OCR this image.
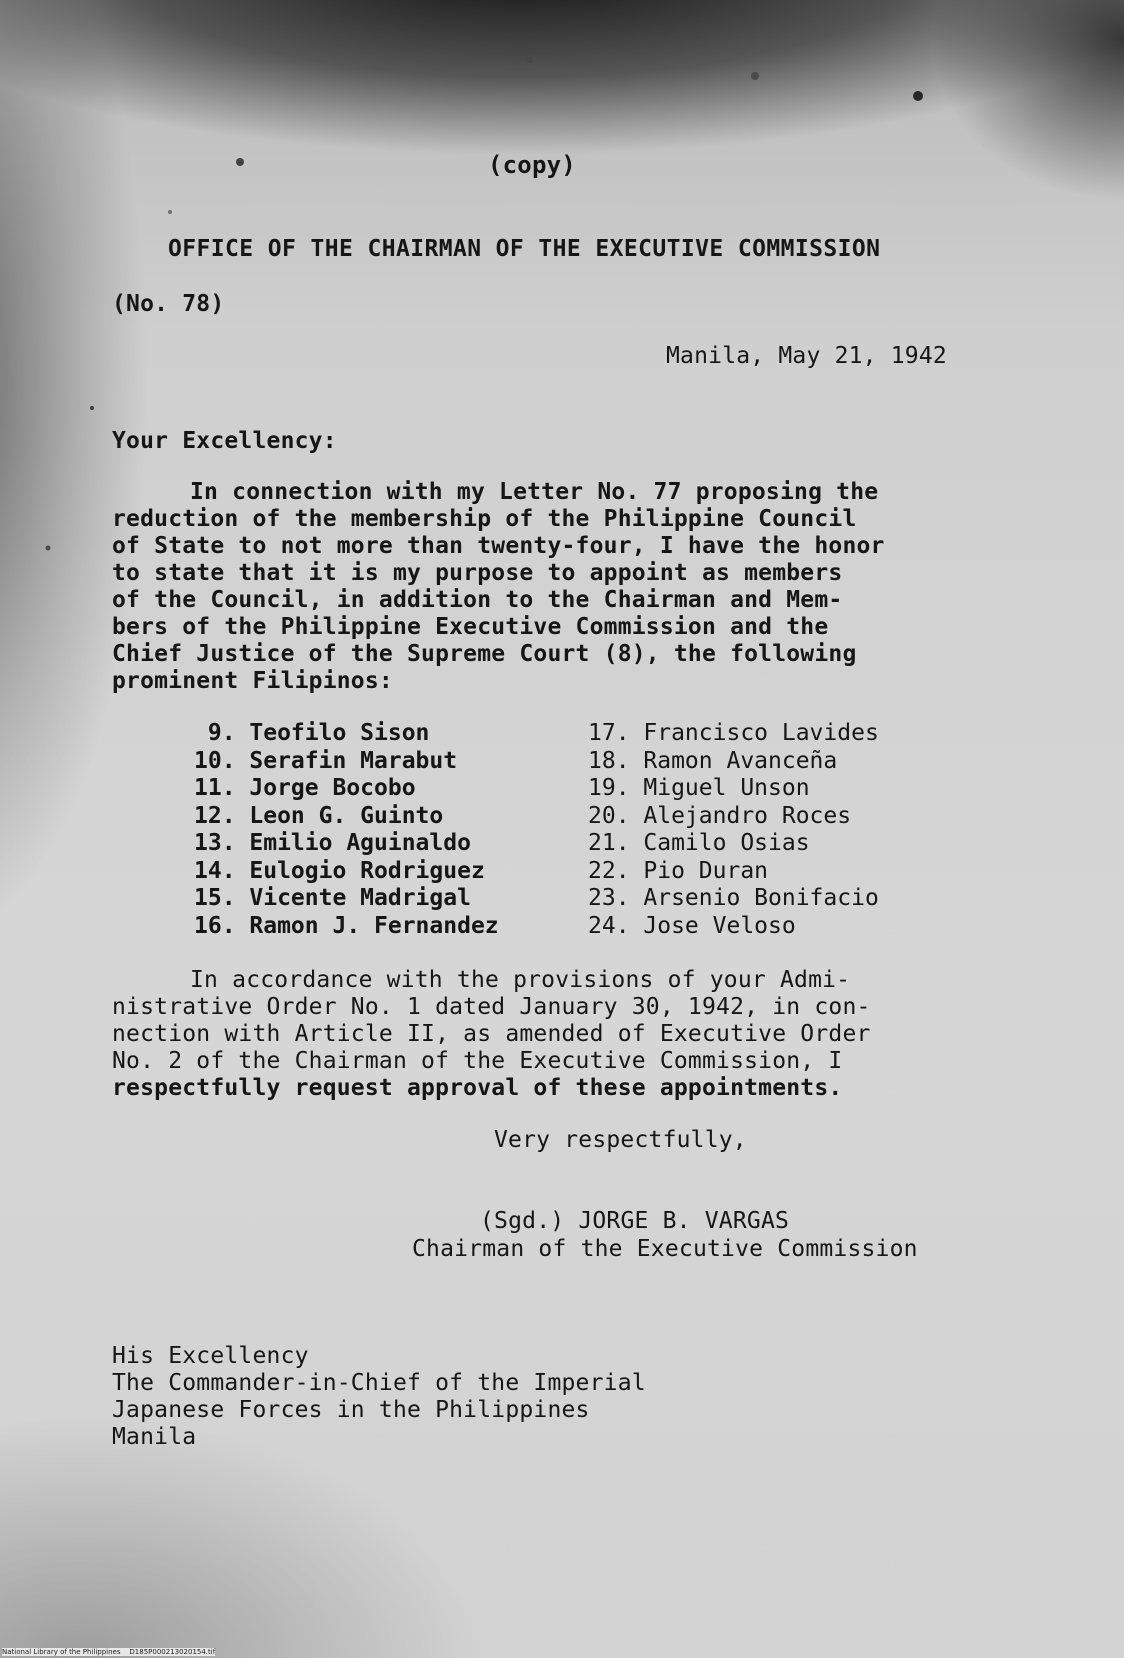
(copy)
OFFICE OF THE CHAIRMAN OF THE EXECUTIVE COMMISSION
(No. 78)
Manila, May 21, 1942
Your Excellency:
In connection with my Letter No. 77 proposing the
reduction of the membership of the Philippine Council
of State to not more than twenty-four, I have the honor
to state that it is my purpose to appoint as members
of the Council, in addition to the Chairman and Mem-
bers of the Philippine Executive Commission and the
Chief Justice of the Supreme Court (8), the following
prominent Filipinos:
9. Teofilo Sison
10. Serafin Marabut
11. Jorge Bocobo
12. Leon G. Guinto
13. Emilio Aguinaldo
14. Eulogio Rodriguez
15. Vicente Madrigal
16. Ramon J. Fernandez
17. Francisco Lavides
18. Ramon Avanceña
19. Miguel Unson
20. Alejandro Roces
21. Camilo Osias
22. Pio Duran
23. Arsenio Bonifacio
24. Jose Veloso
In accordance with the provisions of your Admi-
nistrative Order No. 1 dated January 30, 1942, in con-
nection with Article II, as amended of Executive Order
No. 2 of the Chairman of the Executive Commission, I
respectfully request approval of these appointments.
Very respectfully,
(Sgd.) JORGE B. VARGAS
Chairman of the Executive Commission
His Excellency
The Commander-in-Chief of the Imperial
Japanese Forces in the Philippines
Manila
National Library of the Philippines    D185P000213020154.tif
